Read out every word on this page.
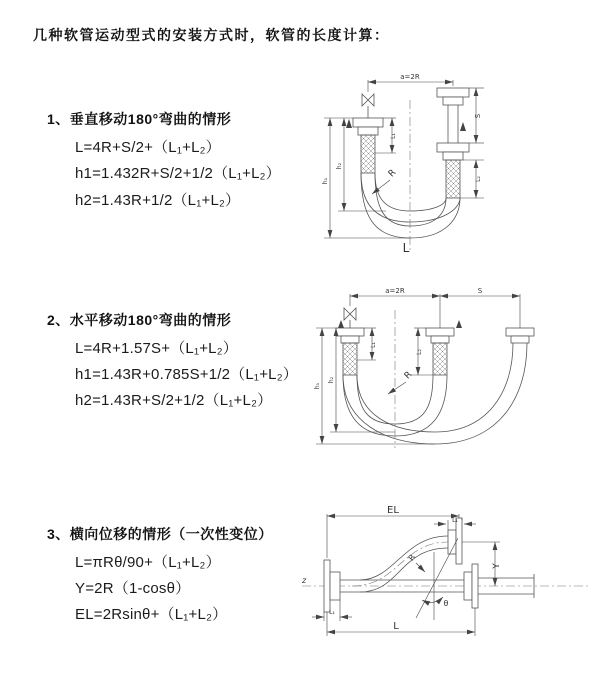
几种软管运动型式的安装方式时，软管的长度计算：
1、垂直移动180°弯曲的情形
L=4R+S/2+（L₁+L₂）
h1=1.432R+S/2+1/2（L₁+L₂）
h2=1.43R+1/2（L₁+L₂）
a=2R
S
L₂
L₁
h₁
h₂
R
L
2、水平移动180°弯曲的情形
L=4R+1.57S+（L₁+L₂）
h1=1.43R+0.785S+1/2（L₁+L₂）
h2=1.43R+S/2+1/2（L₁+L₂）
a=2R	S
L₁
L₂
h₁
h₂	R
3、横向位移的情形（一次性变位）
L=πRθ/90+（L₁+L₂）
Y=2R（1-cosθ）
EL=2Rsinθ+（L₁+L₂）
z
EL
L₁
Y
L
L₁
R
θ
